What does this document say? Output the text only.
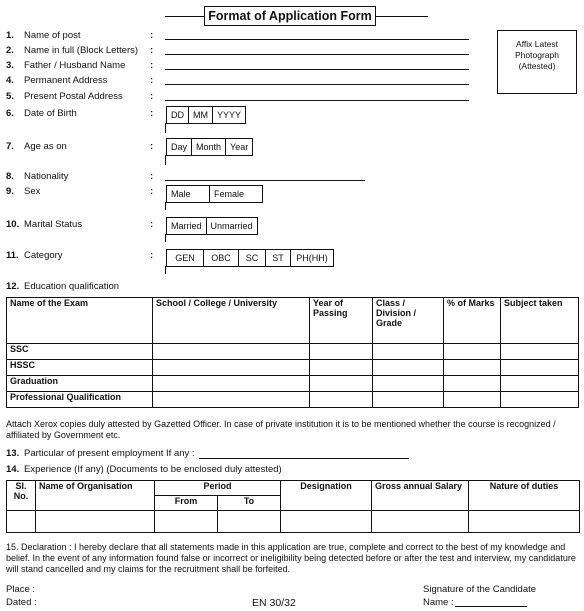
Format of Application Form
Affix Latest
Photograph
(Attested)
1.	Name of post	:
2.	Name in full (Block Letters) :
3.	Father / Husband Name	:
4.	Permanent Address	:
5.	Present Postal Address	:
6.	Date of Birth	:	DD	MM	YYYY
7.	Age as on	:	Day	Month	Year
8.	Nationality	:
9.	Sex	:	Male	Female
10. Marital Status	:	Married	Unmarried
11. Category	:	GEN	OBC	SC	ST	PH(HH)
12. Education qualification
Name of the Exam	School / College / University	Year of Passing	Class / Division / Grade	% of Marks	Subject taken
SSC					
HSSC					
Graduation					
Professional Qualification					
Attach Xerox copies duly attested by Gazetted Officer. In case of private institution it is to be mentioned whether the course is recognized / affiliated by Government etc.
13. Particular of present employment If any :
14. Experience (If any) (Documents to be enclosed duly attested)
Sl. No.	Name of Organisation	Period		Designation	Gross annual Salary	Nature of duties
		From	To			

15. Declaration : I hereby declare that all statements made in this application are true, complete and correct to the best of my knowledge and belief. In the event of any information found false or incorrect or ineligibility being detected before or after the test and interview, my candidature will stand cancelled and my claims for the recruitment shall be forfeited.
Place :
Dated :	EN 30/32
Signature of the Candidate
Name :
